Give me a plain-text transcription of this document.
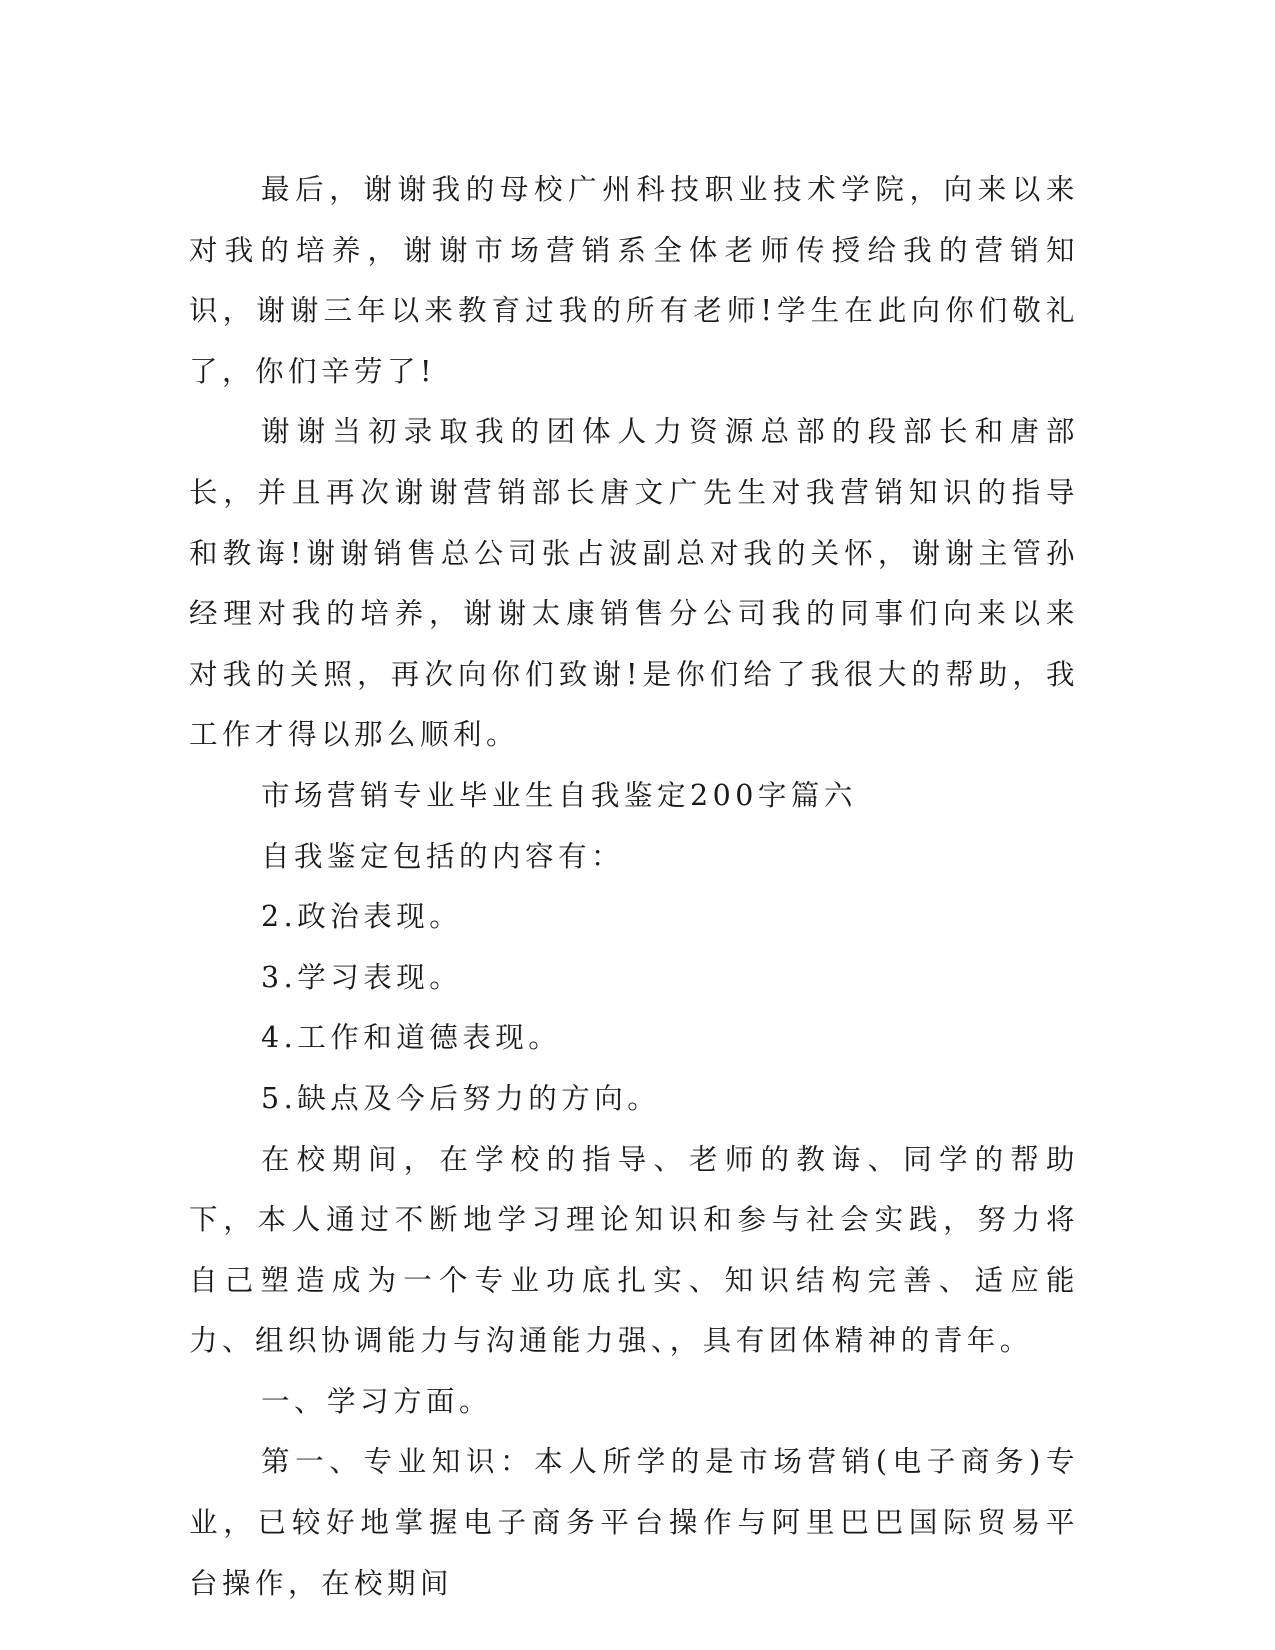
最后，谢谢我的母校广州科技职业技术学院，向来以来对我的培养，谢谢市场营销系全体老师传授给我的营销知识，谢谢三年以来教育过我的所有老师!学生在此向你们敬礼了，你们辛劳了!

谢谢当初录取我的团体人力资源总部的段部长和唐部长，并且再次谢谢营销部长唐文广先生对我营销知识的指导和教诲!谢谢销售总公司张占波副总对我的关怀，谢谢主管孙经理对我的培养，谢谢太康销售分公司我的同事们向来以来对我的关照，再次向你们致谢!是你们给了我很大的帮助，我工作才得以那么顺利。

市场营销专业毕业生自我鉴定200字篇六

自我鉴定包括的内容有：

2.政治表现。

3.学习表现。

4.工作和道德表现。

5.缺点及今后努力的方向。

在校期间，在学校的指导、老师的教诲、同学的帮助下，本人通过不断地学习理论知识和参与社会实践，努力将自己塑造成为一个专业功底扎实、知识结构完善、适应能力、组织协调能力与沟通能力强、，具有团体精神的青年。

一、学习方面。

第一、专业知识：本人所学的是市场营销(电子商务)专业，已较好地掌握电子商务平台操作与阿里巴巴国际贸易平台操作，在校期间
